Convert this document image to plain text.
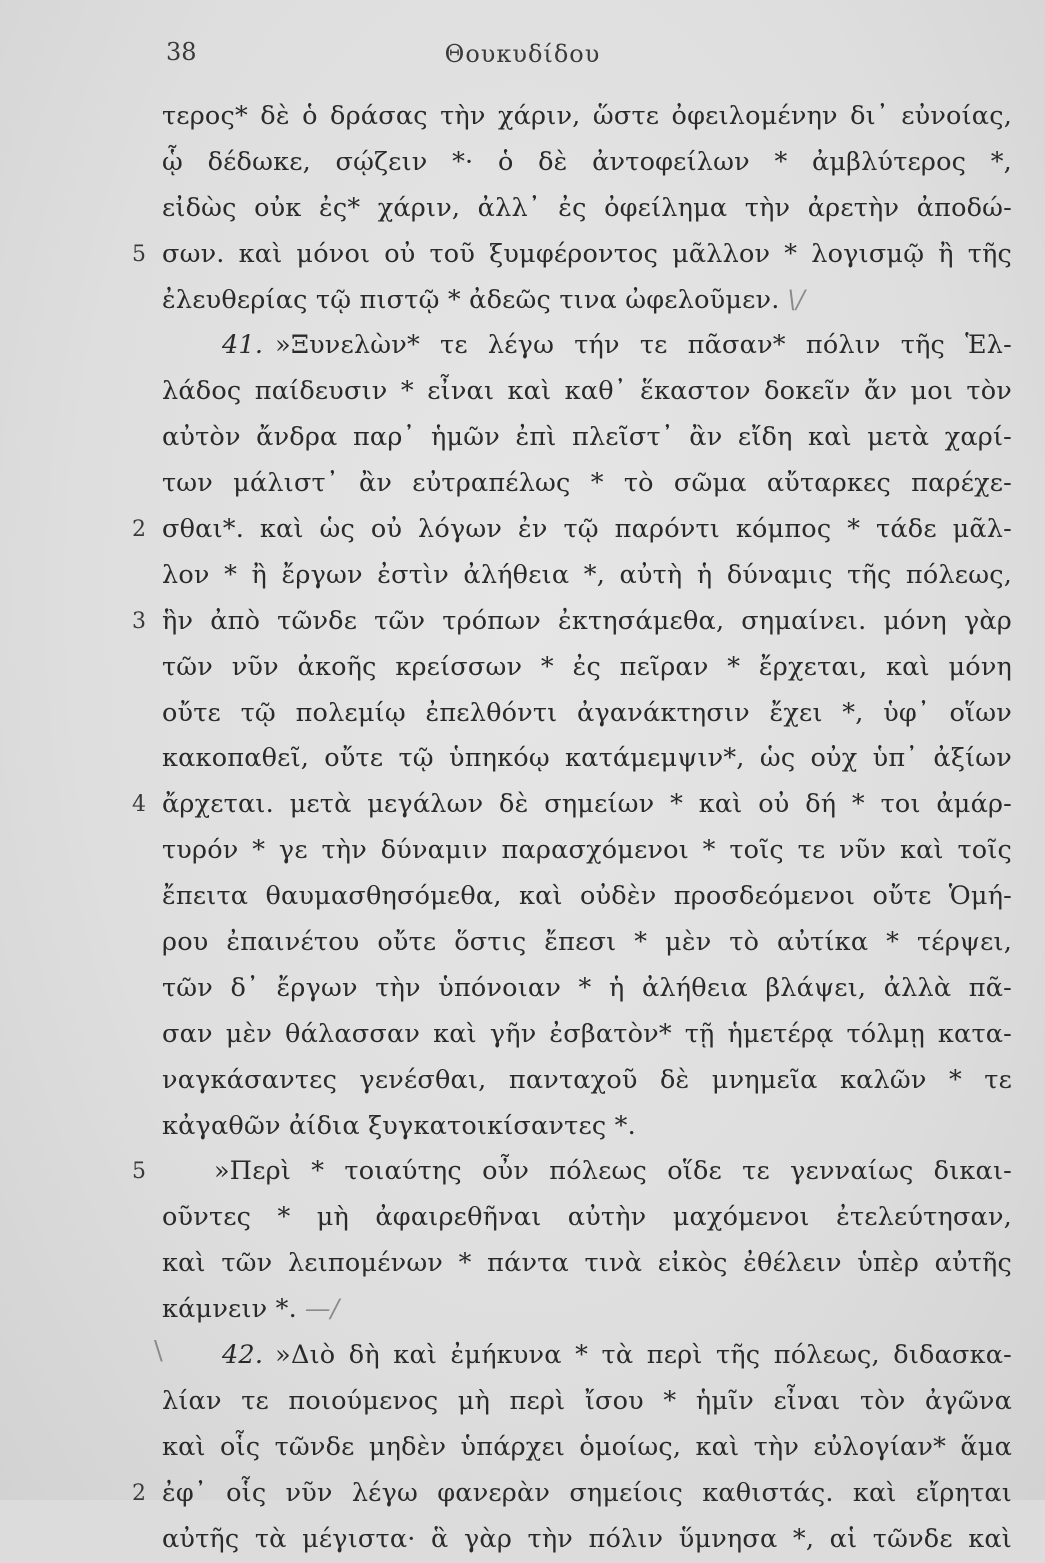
38	Θουκυδίδου
τερος* δὲ ὁ δράσας τὴν χάριν, ὥστε ὀφειλομένην δι᾿ εὐνοίας,
ᾧ δέδωκε, σῴζειν *· ὁ δὲ ἀντοφείλων * ἀμβλύτερος *,
εἰδὼς οὐκ ἐς* χάριν, ἀλλ᾿ ἐς ὀφείλημα τὴν ἀρετὴν ἀποδώ-
5 σων. καὶ μόνοι οὐ τοῦ ξυμφέροντος μᾶλλον * λογισμῷ ἢ τῆς
ἐλευθερίας τῷ πιστῷ * ἀδεῶς τινα ὠφελοῦμεν. \/
41. »Ξυνελὼν* τε λέγω τήν τε πᾶσαν* πόλιν τῆς Ἑλ-
λάδος παίδευσιν * εἶναι καὶ καθ᾿ ἕκαστον δοκεῖν ἄν μοι τὸν
αὐτὸν ἄνδρα παρ᾿ ἡμῶν ἐπὶ πλεῖστ᾿ ἂν εἴδη καὶ μετὰ χαρί-
των μάλιστ᾿ ἂν εὐτραπέλως * τὸ σῶμα αὔταρκες παρέχε-
2 σθαι*. καὶ ὡς οὐ λόγων ἐν τῷ παρόντι κόμπος * τάδε μᾶλ-
λον * ἢ ἔργων ἐστὶν ἀλήθεια *, αὐτὴ ἡ δύναμις τῆς πόλεως,
3 ἣν ἀπὸ τῶνδε τῶν τρόπων ἐκτησάμεθα, σημαίνει. μόνη γὰρ
τῶν νῦν ἀκοῆς κρείσσων * ἐς πεῖραν * ἔρχεται, καὶ μόνη
οὔτε τῷ πολεμίῳ ἐπελθόντι ἀγανάκτησιν ἔχει *, ὑφ᾿ οἵων
κακοπαθεῖ, οὔτε τῷ ὑπηκόῳ κατάμεμψιν*, ὡς οὐχ ὑπ᾿ ἀξίων
4 ἄρχεται. μετὰ μεγάλων δὲ σημείων * καὶ οὐ δή * τοι ἀμάρ-
τυρόν * γε τὴν δύναμιν παρασχόμενοι * τοῖς τε νῦν καὶ τοῖς
ἔπειτα θαυμασθησόμεθα, καὶ οὐδὲν προσδεόμενοι οὔτε Ὁμή-
ρου ἐπαινέτου οὔτε ὅστις ἔπεσι * μὲν τὸ αὐτίκα * τέρψει,
τῶν δ᾿ ἔργων τὴν ὑπόνοιαν * ἡ ἀλήθεια βλάψει, ἀλλὰ πᾶ-
σαν μὲν θάλασσαν καὶ γῆν ἐσβατὸν* τῇ ἡμετέρᾳ τόλμῃ κατα-
ναγκάσαντες γενέσθαι, πανταχοῦ δὲ μνημεῖα καλῶν * τε
κἀγαθῶν ἀίδια ξυγκατοικίσαντες *.
5	»Περὶ * τοιαύτης οὖν πόλεως οἵδε τε γενναίως δικαι-
οῦντες * μὴ ἀφαιρεθῆναι αὐτὴν μαχόμενοι ἐτελεύτησαν,
καὶ τῶν λειπομένων * πάντα τινὰ εἰκὸς ἐθέλειν ὑπὲρ αὐτῆς
κάμνειν *. —/
\ 42. »Διὸ δὴ καὶ ἐμήκυνα * τὰ περὶ τῆς πόλεως, διδασκα-
λίαν τε ποιούμενος μὴ περὶ ἴσου * ἡμῖν εἶναι τὸν ἀγῶνα
καὶ οἷς τῶνδε μηδὲν ὑπάρχει ὁμοίως, καὶ τὴν εὐλογίαν* ἅμα
2 ἐφ᾿ οἷς νῦν λέγω φανερὰν σημείοις καθιστάς. καὶ εἴρηται
αὐτῆς τὰ μέγιστα· ἃ γὰρ τὴν πόλιν ὕμνησα *, αἱ τῶνδε καὶ
